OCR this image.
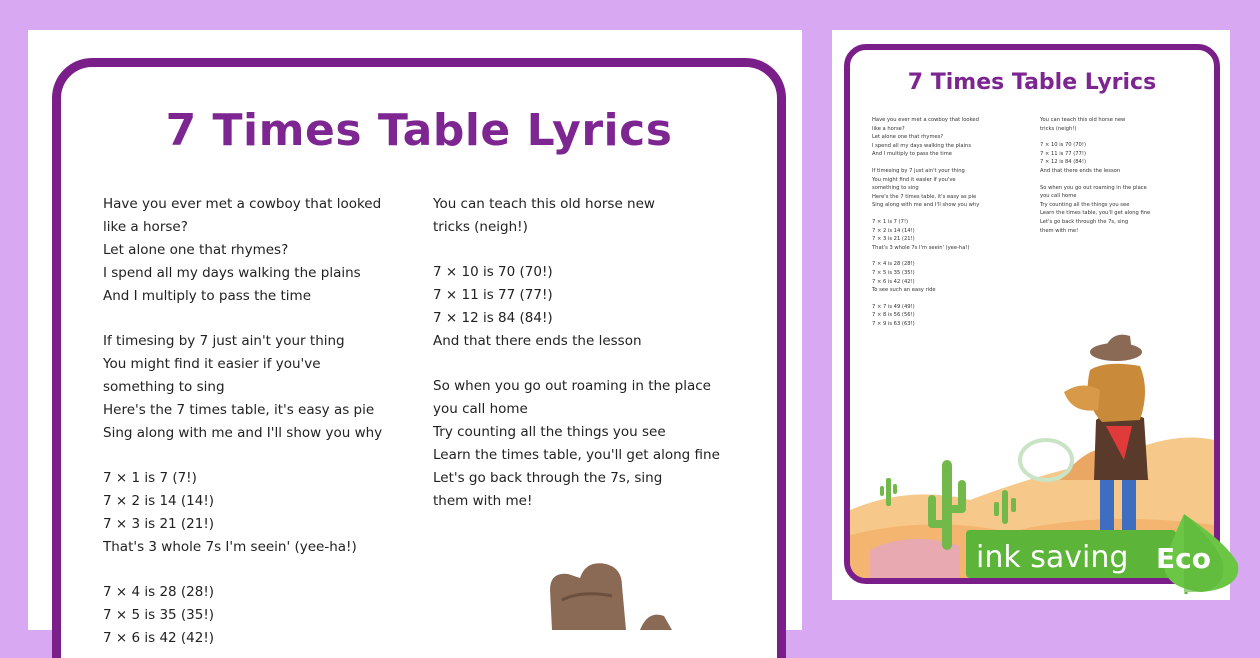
7 Times Table Lyrics
Have you ever met a cowboy that looked
like a horse?
Let alone one that rhymes?
I spend all my days walking the plains
And I multiply to pass the time
If timesing by 7 just ain't your thing
You might find it easier if you've
something to sing
Here's the 7 times table, it's easy as pie
Sing along with me and I'll show you why
7 × 1 is 7 (7!)
7 × 2 is 14 (14!)
7 × 3 is 21 (21!)
That's 3 whole 7s I'm seein' (yee-ha!)
7 × 4 is 28 (28!)
7 × 5 is 35 (35!)
7 × 6 is 42 (42!)
You can teach this old horse new
tricks (neigh!)
7 × 10 is 70 (70!)
7 × 11 is 77 (77!)
7 × 12 is 84 (84!)
And that there ends the lesson
So when you go out roaming in the place
you call home
Try counting all the things you see
Learn the times table, you'll get along fine
Let's go back through the 7s, sing
them with me!
7 Times Table Lyrics
Have you ever met a cowboy that looked
like a horse?
Let alone one that rhymes?
I spend all my days walking the plains
And I multiply to pass the time
If timesing by 7 just ain't your thing
You might find it easier if you've
something to sing
Here's the 7 times table, it's easy as pie
Sing along with me and I'll show you why
7 × 1 is 7 (7!)
7 × 2 is 14 (14!)
7 × 3 is 21 (21!)
That's 3 whole 7s I'm seein' (yee-ha!)
7 × 4 is 28 (28!)
7 × 5 is 35 (35!)
7 × 6 is 42 (42!)
To see such an easy ride
7 × 7 is 49 (49!)
7 × 8 is 56 (56!)
7 × 9 is 63 (63!)
You can teach this old horse new
tricks (neigh!)
7 × 10 is 70 (70!)
7 × 11 is 77 (77!)
7 × 12 is 84 (84!)
And that there ends the lesson
So when you go out roaming in the place
you call home
Try counting all the things you see
Learn the times table, you'll get along fine
Let's go back through the 7s, sing
them with me!
ink saving Eco
